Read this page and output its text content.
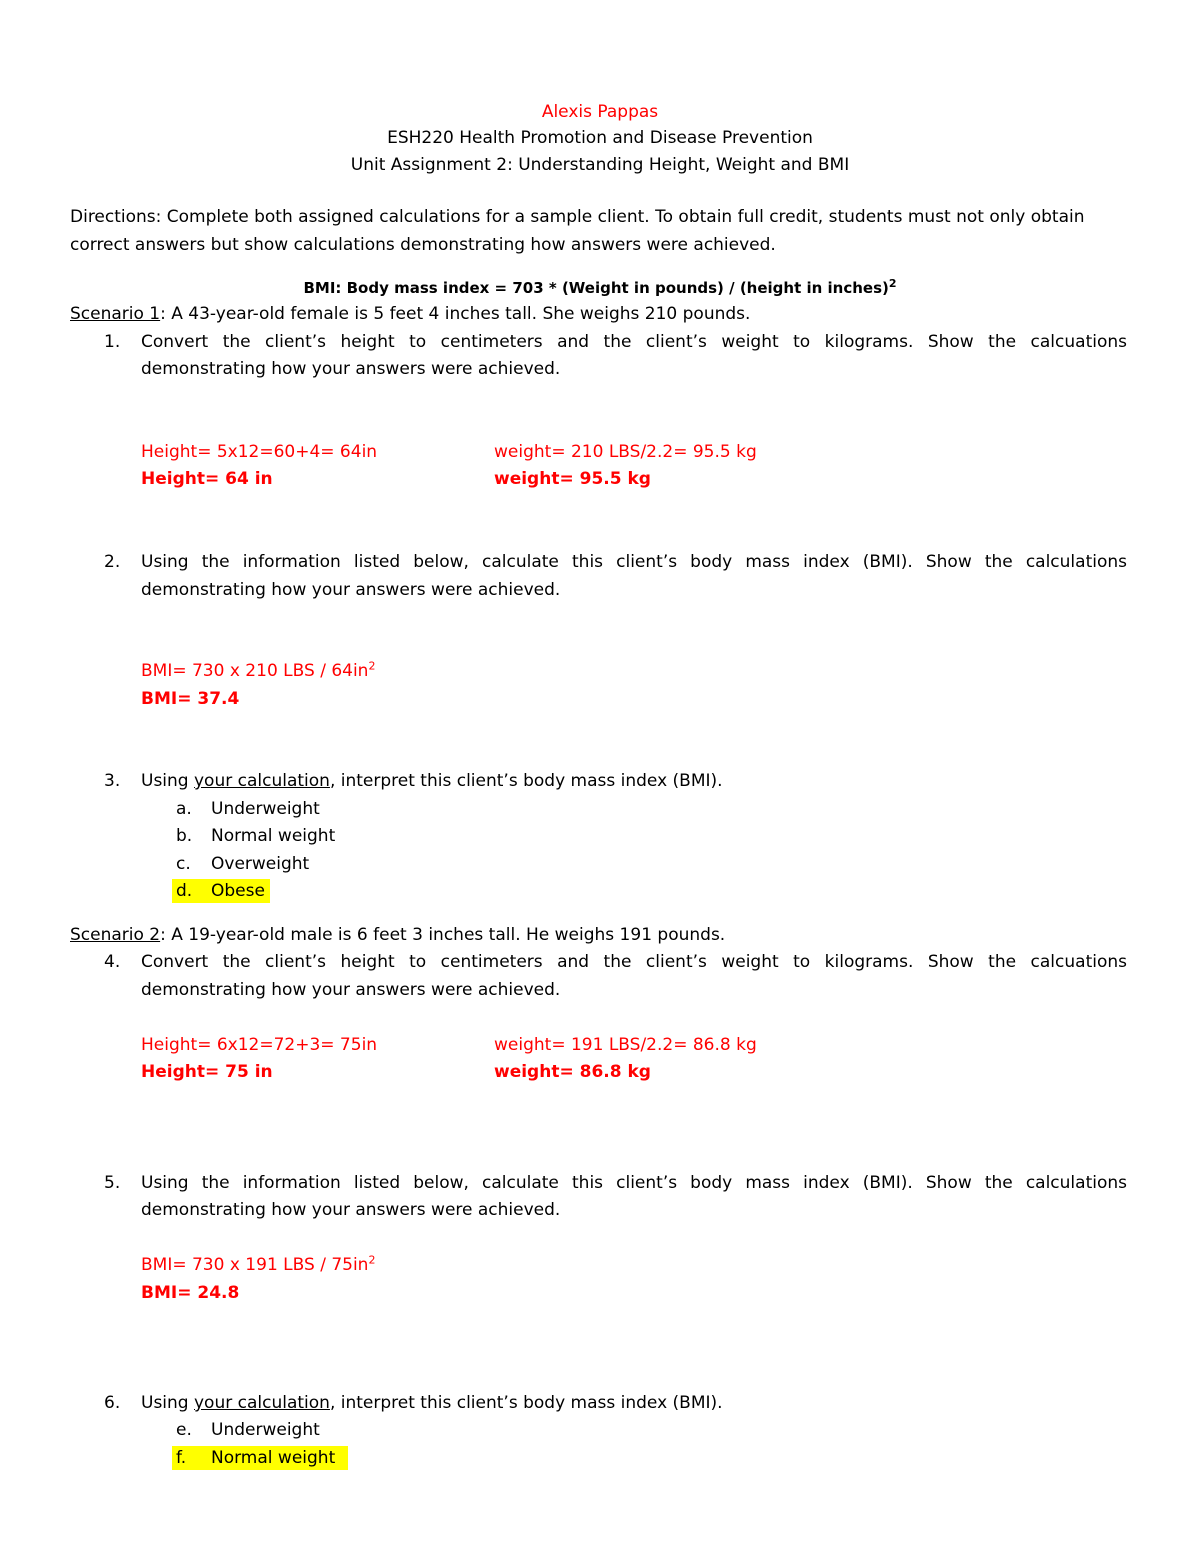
Alexis Pappas
ESH220 Health Promotion and Disease Prevention
Unit Assignment 2: Understanding Height, Weight and BMI
Directions: Complete both assigned calculations for a sample client. To obtain full credit, students must not only obtain
correct answers but show calculations demonstrating how answers were achieved.
BMI: Body mass index = 703 * (Weight in pounds) / (height in inches)$^2$
Scenario 1: A 43-year-old female is 5 feet 4 inches tall. She weighs 210 pounds.
1. Convert the client’s height to centimeters and the client’s weight to kilograms. Show the calcuations
demonstrating how your answers were achieved.
Height= 5x12=60+4= 64in
Height= 64 in
weight= 210 LBS/2.2= 95.5 kg
weight= 95.5 kg
2. Using the information listed below, calculate this client’s body mass index (BMI). Show the calculations
demonstrating how your answers were achieved.
BMI= 730 x 210 LBS / $64in^2$
BMI= 37.4
3. Using your calculation, interpret this client’s body mass index (BMI).
a. Underweight
b. Normal weight
c. Overweight
d. Obese
Scenario 2: A 19-year-old male is 6 feet 3 inches tall. He weighs 191 pounds.
4. Convert the client’s height to centimeters and the client’s weight to kilograms. Show the calcuations
demonstrating how your answers were achieved.
Height= 6x12=72+3= 75in
Height= 75 in
weight= 191 LBS/2.2= 86.8 kg
weight= 86.8 kg
5. Using the information listed below, calculate this client’s body mass index (BMI). Show the calculations
demonstrating how your answers were achieved.
BMI= 730 x 191 LBS / $75in^2$
BMI= 24.8
6. Using your calculation, interpret this client’s body mass index (BMI).
e. Underweight
f. Normal weight
